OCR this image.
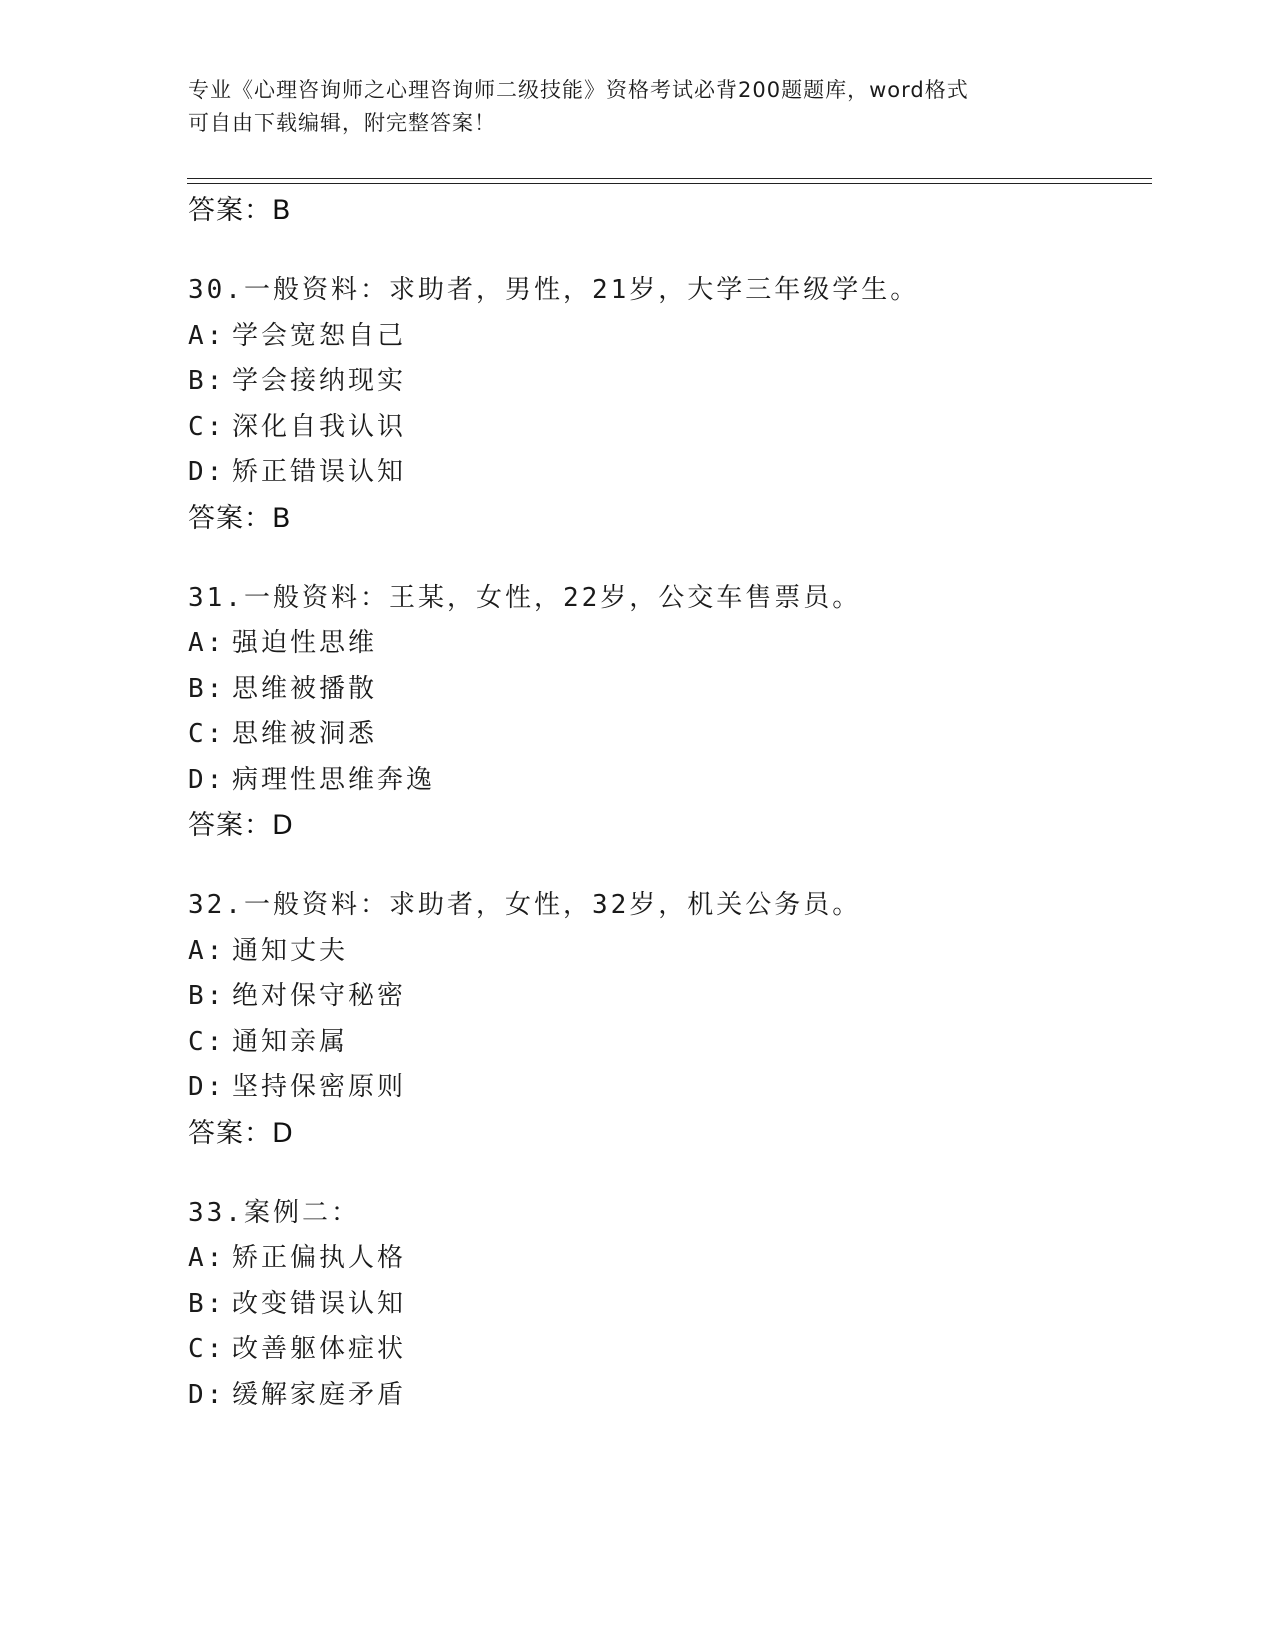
专业《心理咨询师之心理咨询师二级技能》资格考试必背200题题库，word格式
可自由下载编辑，附完整答案！
答案：B
30.一般资料：求助者，男性，21岁，大学三年级学生。
A: 学会宽恕自己
B: 学会接纳现实
C: 深化自我认识
D: 矫正错误认知
答案：B
31.一般资料：王某，女性，22岁，公交车售票员。
A: 强迫性思维
B: 思维被播散
C: 思维被洞悉
D: 病理性思维奔逸
答案：D
32.一般资料：求助者，女性，32岁，机关公务员。
A: 通知丈夫
B: 绝对保守秘密
C: 通知亲属
D: 坚持保密原则
答案：D
33.案例二：
A: 矫正偏执人格
B: 改变错误认知
C: 改善躯体症状
D: 缓解家庭矛盾
